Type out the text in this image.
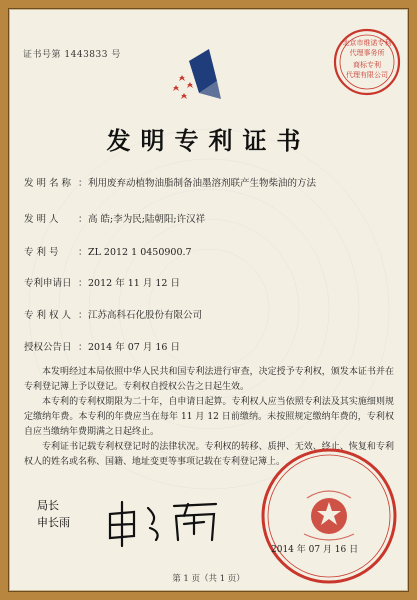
证书号第 1443833 号
北京市维诺专利
代理事务所
商标专利
代理有限公司
发明专利证书
发 明 名 称 ：利用废弃动植物油脂制备油墨溶剂联产生物柴油的方法
发 明 人 ：高 皓;李为民;陆朝阳;许汉祥
专 利 号 ：ZL 2012 1 0450900.7
专利申请日 ：2012 年 11 月 12 日
专 利 权 人 ：江苏高科石化股份有限公司
授权公告日 ：2014 年 07 月 16 日

本发明经过本局依照中华人民共和国专利法进行审查，决定授予专利权，颁发本证书并在专利登记簿上予以登记。专利权自授权公告之日起生效。

本专利的专利权期限为二十年，自申请日起算。专利权人应当依照专利法及其实施细则规定缴纳年费。本专利的年费应当在每年 11 月 12 日前缴纳。未按照规定缴纳年费的，专利权自应当缴纳年费期满之日起终止。

专利证书记载专利权登记时的法律状况。专利权的转移、质押、无效、终止、恢复和专利权人的姓名或名称、国籍、地址变更等事项记载在专利登记簿上。

局长
申长雨
2014 年 07 月 16 日
第 1 页（共 1 页）
